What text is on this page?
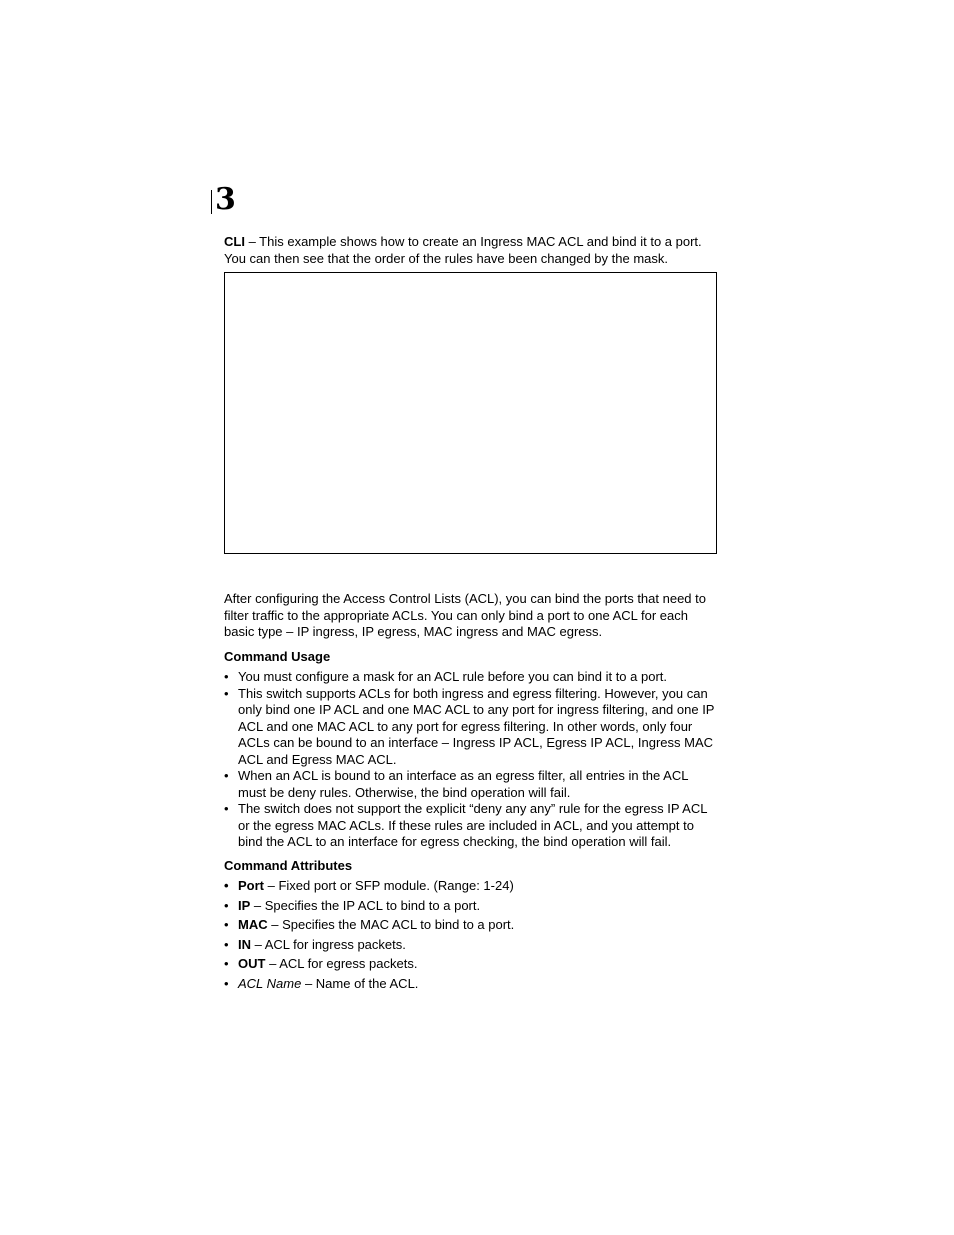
3
CLI – This example shows how to create an Ingress MAC ACL and bind it to a port. You can then see that the order of the rules have been changed by the mask.
After configuring the Access Control Lists (ACL), you can bind the ports that need to filter traffic to the appropriate ACLs. You can only bind a port to one ACL for each basic type – IP ingress, IP egress, MAC ingress and MAC egress.
Command Usage
• You must configure a mask for an ACL rule before you can bind it to a port.
• This switch supports ACLs for both ingress and egress filtering. However, you can only bind one IP ACL and one MAC ACL to any port for ingress filtering, and one IP ACL and one MAC ACL to any port for egress filtering. In other words, only four ACLs can be bound to an interface – Ingress IP ACL, Egress IP ACL, Ingress MAC ACL and Egress MAC ACL.
• When an ACL is bound to an interface as an egress filter, all entries in the ACL must be deny rules. Otherwise, the bind operation will fail.
• The switch does not support the explicit “deny any any” rule for the egress IP ACL or the egress MAC ACLs. If these rules are included in ACL, and you attempt to bind the ACL to an interface for egress checking, the bind operation will fail.
Command Attributes
• Port – Fixed port or SFP module. (Range: 1-24)
• IP – Specifies the IP ACL to bind to a port.
• MAC – Specifies the MAC ACL to bind to a port.
• IN – ACL for ingress packets.
• OUT – ACL for egress packets.
• ACL Name – Name of the ACL.
